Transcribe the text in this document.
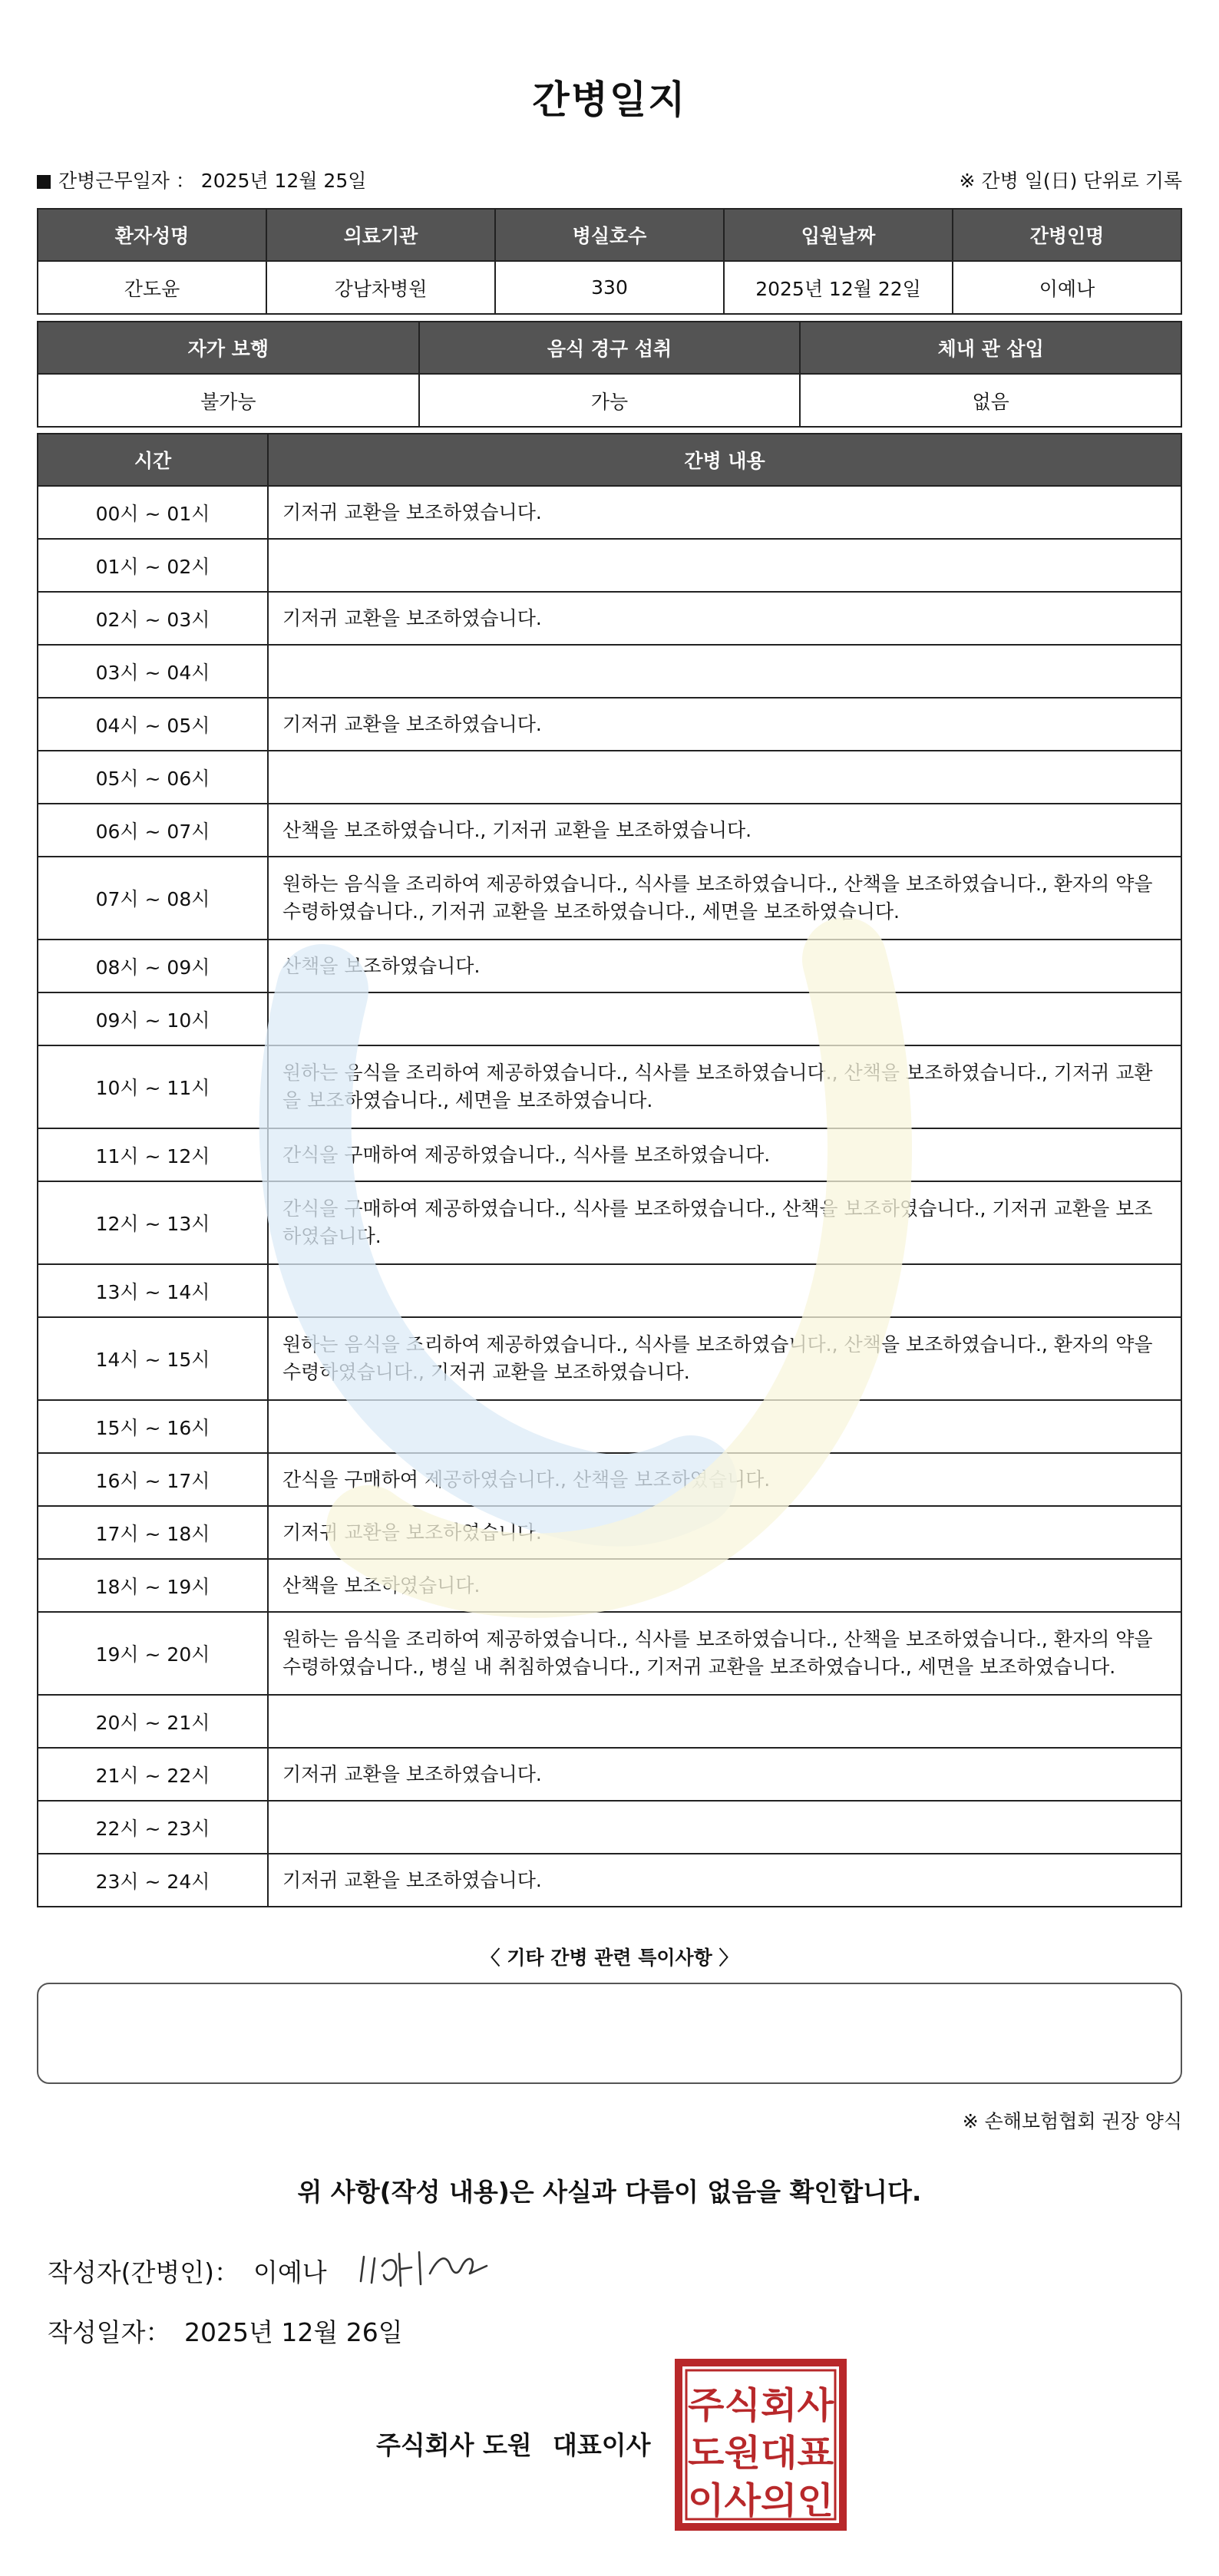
간병일지
간병근무일자 ： 2025년 12월 25일	※ 간병 일(日) 단위로 기록
환자성명	의료기관	병실호수	입원날짜	간병인명
간도윤	강남차병원	330	2025년 12월 22일	이예나
자가 보행	음식 경구 섭취	체내 관 삽입
불가능	가능	없음
시간	간병 내용
00시 ~ 01시	기저귀 교환을 보조하였습니다.
01시 ~ 02시	
02시 ~ 03시	기저귀 교환을 보조하였습니다.
03시 ~ 04시	
04시 ~ 05시	기저귀 교환을 보조하였습니다.
05시 ~ 06시	
06시 ~ 07시	산책을 보조하였습니다., 기저귀 교환을 보조하였습니다.
07시 ~ 08시	원하는 음식을 조리하여 제공하였습니다., 식사를 보조하였습니다., 산책을 보조하였습니다., 환자의 약을 수령하였습니다., 기저귀 교환을 보조하였습니다., 세면을 보조하였습니다.
08시 ~ 09시	산책을 보조하였습니다.
09시 ~ 10시	
10시 ~ 11시	원하는 음식을 조리하여 제공하였습니다., 식사를 보조하였습니다., 산책을 보조하였습니다., 기저귀 교환을 보조하였습니다., 세면을 보조하였습니다.
11시 ~ 12시	간식을 구매하여 제공하였습니다., 식사를 보조하였습니다.
12시 ~ 13시	간식을 구매하여 제공하였습니다., 식사를 보조하였습니다., 산책을 보조하였습니다., 기저귀 교환을 보조하였습니다.
13시 ~ 14시	
14시 ~ 15시	원하는 음식을 조리하여 제공하였습니다., 식사를 보조하였습니다., 산책을 보조하였습니다., 환자의 약을 수령하였습니다., 기저귀 교환을 보조하였습니다.
15시 ~ 16시	
16시 ~ 17시	간식을 구매하여 제공하였습니다., 산책을 보조하였습니다.
17시 ~ 18시	기저귀 교환을 보조하였습니다.
18시 ~ 19시	산책을 보조하였습니다.
19시 ~ 20시	원하는 음식을 조리하여 제공하였습니다., 식사를 보조하였습니다., 산책을 보조하였습니다., 환자의 약을 수령하였습니다., 병실 내 취침하였습니다., 기저귀 교환을 보조하였습니다., 세면을 보조하였습니다.
20시 ~ 21시	
21시 ~ 22시	기저귀 교환을 보조하였습니다.
22시 ~ 23시	
23시 ~ 24시	기저귀 교환을 보조하였습니다.
〈 기타 간병 관련 특이사항 〉
※ 손해보험협회 권장 양식
위 사항(작성 내용)은 사실과 다름이 없음을 확인합니다.
작성자(간병인)： 이예나
작성일자： 2025년 12월 26일
주식회사 도원 대표이사
주식회사
도원대표
이사의인
